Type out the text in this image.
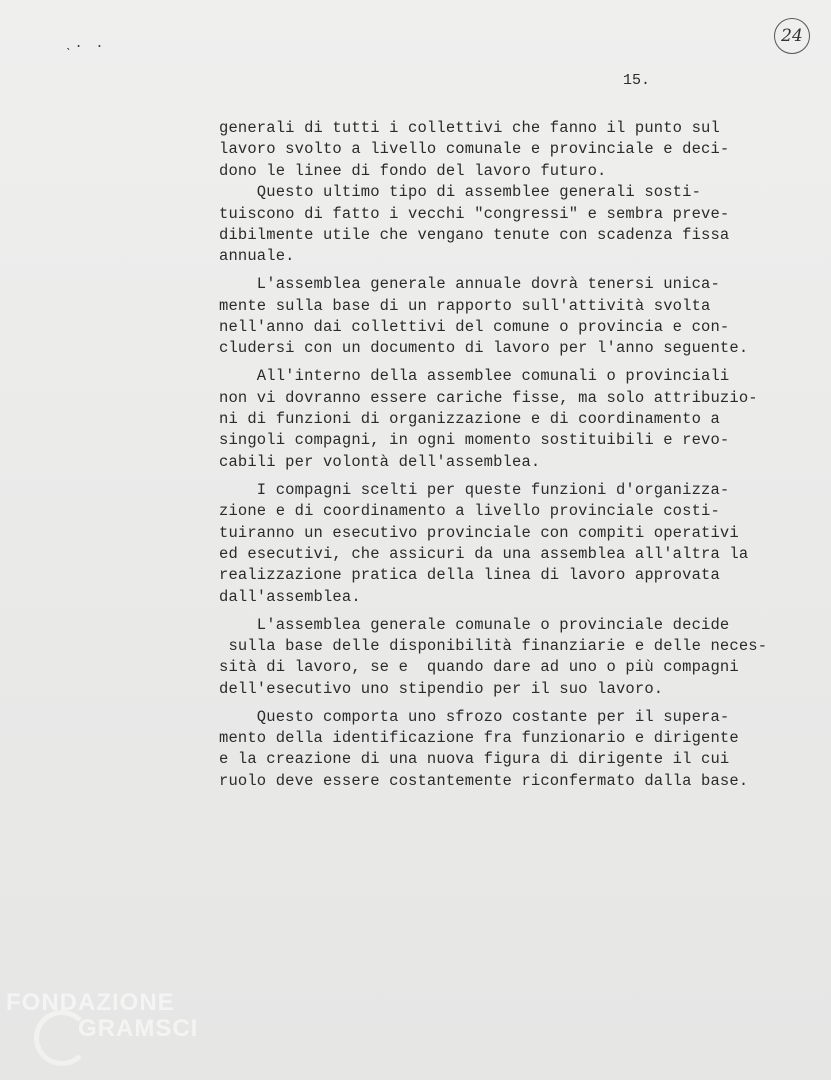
ˎ. .	24
15.
generali di tutti i collettivi che fanno il punto sul
lavoro svolto a livello comunale e provinciale e deci-
dono le linee di fondo del lavoro futuro.
Questo ultimo tipo di assemblee generali sosti-
tuiscono di fatto i vecchi "congressi" e sembra preve-
dibilmente utile che vengano tenute con scadenza fissa
annuale.
L'assemblea generale annuale dovrà tenersi unica-
mente sulla base di un rapporto sull'attività svolta
nell'anno dai collettivi del comune o provincia e con-
cludersi con un documento di lavoro per l'anno seguente.
All'interno della assemblee comunali o provinciali
non vi dovranno essere cariche fisse, ma solo attribuzio-
ni di funzioni di organizzazione e di coordinamento a
singoli compagni, in ogni momento sostituibili e revo-
cabili per volontà dell'assemblea.
I compagni scelti per queste funzioni d'organizza-
zione e di coordinamento a livello provinciale costi-
tuiranno un esecutivo provinciale con compiti operativi
ed esecutivi, che assicuri da una assemblea all'altra la
realizzazione pratica della linea di lavoro approvata
dall'assemblea.
L'assemblea generale comunale o provinciale decide
sulla base delle disponibilità finanziarie e delle neces-
sità di lavoro, se e  quando dare ad uno o più compagni
dell'esecutivo uno stipendio per il suo lavoro.
Questo comporta uno sfrozo costante per il supera-
mento della identificazione fra funzionario e dirigente
e la creazione di una nuova figura di dirigente il cui
ruolo deve essere costantemente riconfermato dalla base.
FONDAZIONE
GRAMSCI
